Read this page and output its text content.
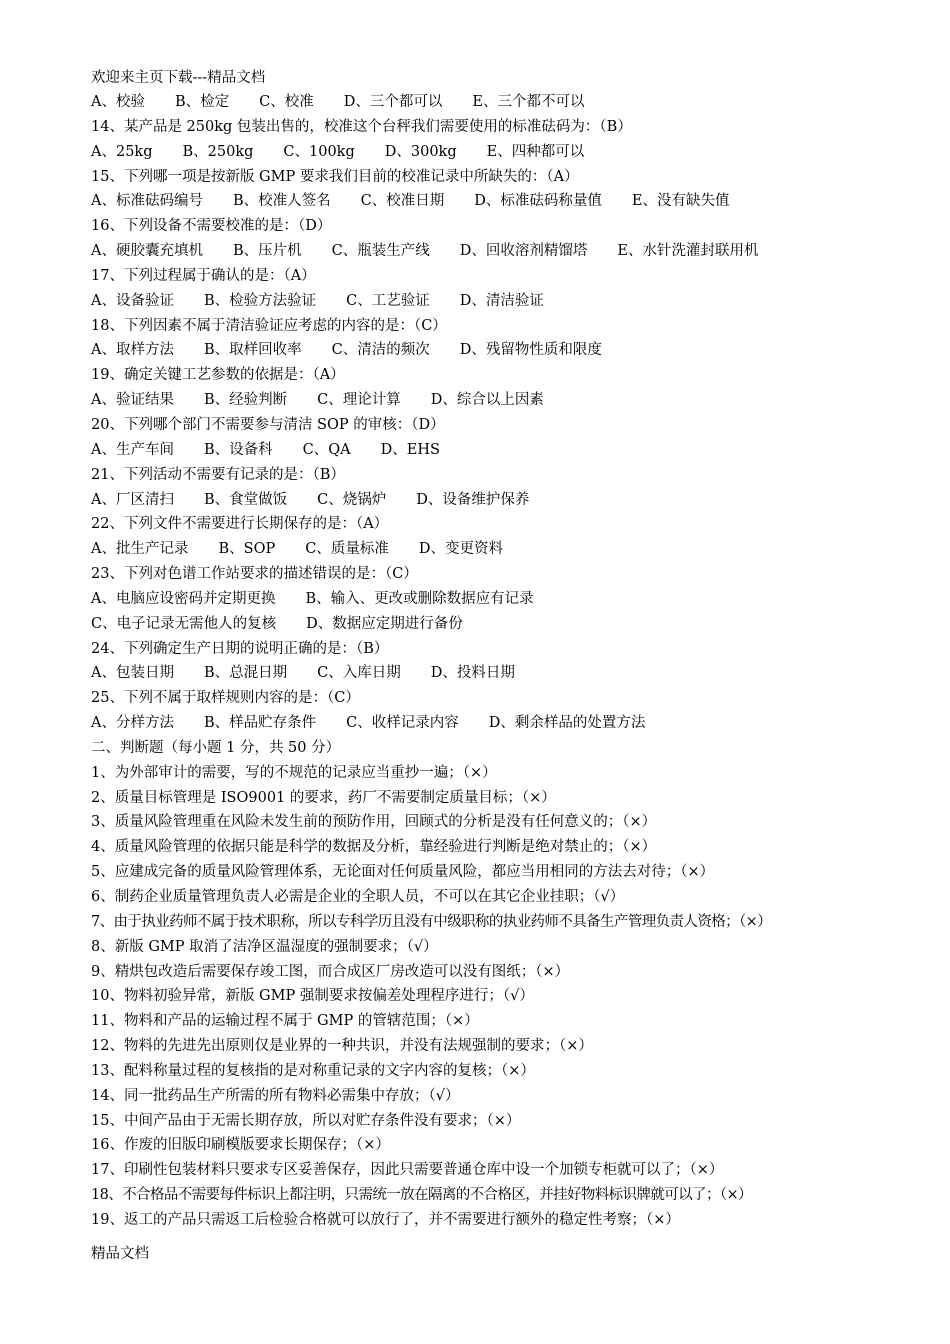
欢迎来主页下载---精品文档
A、校验 B、检定 C、校准 D、三个都可以 E、三个都不可以
14、某产品是 250kg 包装出售的，校准这个台秤我们需要使用的标准砝码为：（B）
A、25kg B、250kg C、100kg D、300kg E、四种都可以
15、下列哪一项是按新版 GMP 要求我们目前的校准记录中所缺失的：（A）
A、标准砝码编号 B、校准人签名 C、校准日期 D、标准砝码称量值 E、没有缺失值
16、下列设备不需要校准的是：（D）
A、硬胶囊充填机 B、压片机 C、瓶装生产线 D、回收溶剂精馏塔 E、水针洗灌封联用机
17、下列过程属于确认的是：（A）
A、设备验证 B、检验方法验证 C、工艺验证 D、清洁验证
18、下列因素不属于清洁验证应考虑的内容的是：（C）
A、取样方法 B、取样回收率 C、清洁的频次 D、残留物性质和限度
19、确定关键工艺参数的依据是：（A）
A、验证结果 B、经验判断 C、理论计算 D、综合以上因素
20、下列哪个部门不需要参与清洁 SOP 的审核：（D）
A、生产车间 B、设备科 C、QA D、EHS
21、下列活动不需要有记录的是：（B）
A、厂区清扫 B、食堂做饭 C、烧锅炉 D、设备维护保养
22、下列文件不需要进行长期保存的是：（A）
A、批生产记录 B、SOP C、质量标准 D、变更资料
23、下列对色谱工作站要求的描述错误的是：（C）
A、电脑应设密码并定期更换 B、输入、更改或删除数据应有记录
C、电子记录无需他人的复核 D、数据应定期进行备份
24、下列确定生产日期的说明正确的是：（B）
A、包装日期 B、总混日期 C、入库日期 D、投料日期
25、下列不属于取样规则内容的是：（C）
A、分样方法 B、样品贮存条件 C、收样记录内容 D、剩余样品的处置方法
二、判断题（每小题 1 分，共 50 分）
1、为外部审计的需要，写的不规范的记录应当重抄一遍；（×）
2、质量目标管理是 ISO9001 的要求，药厂不需要制定质量目标；（×）
3、质量风险管理重在风险未发生前的预防作用，回顾式的分析是没有任何意义的；（×）
4、质量风险管理的依据只能是科学的数据及分析，靠经验进行判断是绝对禁止的；（×）
5、应建成完备的质量风险管理体系，无论面对任何质量风险，都应当用相同的方法去对待；（×）
6、制药企业质量管理负责人必需是企业的全职人员，不可以在其它企业挂职；（√）
7、由于执业药师不属于技术职称，所以专科学历且没有中级职称的执业药师不具备生产管理负责人资格；（×）
8、新版 GMP 取消了洁净区温湿度的强制要求；（√）
9、精烘包改造后需要保存竣工图，而合成区厂房改造可以没有图纸；（×）
10、物料初验异常，新版 GMP 强制要求按偏差处理程序进行；（√）
11、物料和产品的运输过程不属于 GMP 的管辖范围；（×）
12、物料的先进先出原则仅是业界的一种共识，并没有法规强制的要求；（×）
13、配料称量过程的复核指的是对称重记录的文字内容的复核；（×）
14、同一批药品生产所需的所有物料必需集中存放；（√）
15、中间产品由于无需长期存放，所以对贮存条件没有要求；（×）
16、作废的旧版印刷模版要求长期保存；（×）
17、印刷性包装材料只要求专区妥善保存，因此只需要普通仓库中设一个加锁专柜就可以了；（×）
18、不合格品不需要每件标识上都注明，只需统一放在隔离的不合格区，并挂好物料标识牌就可以了；（×）
19、返工的产品只需返工后检验合格就可以放行了，并不需要进行额外的稳定性考察；（×）
精品文档
